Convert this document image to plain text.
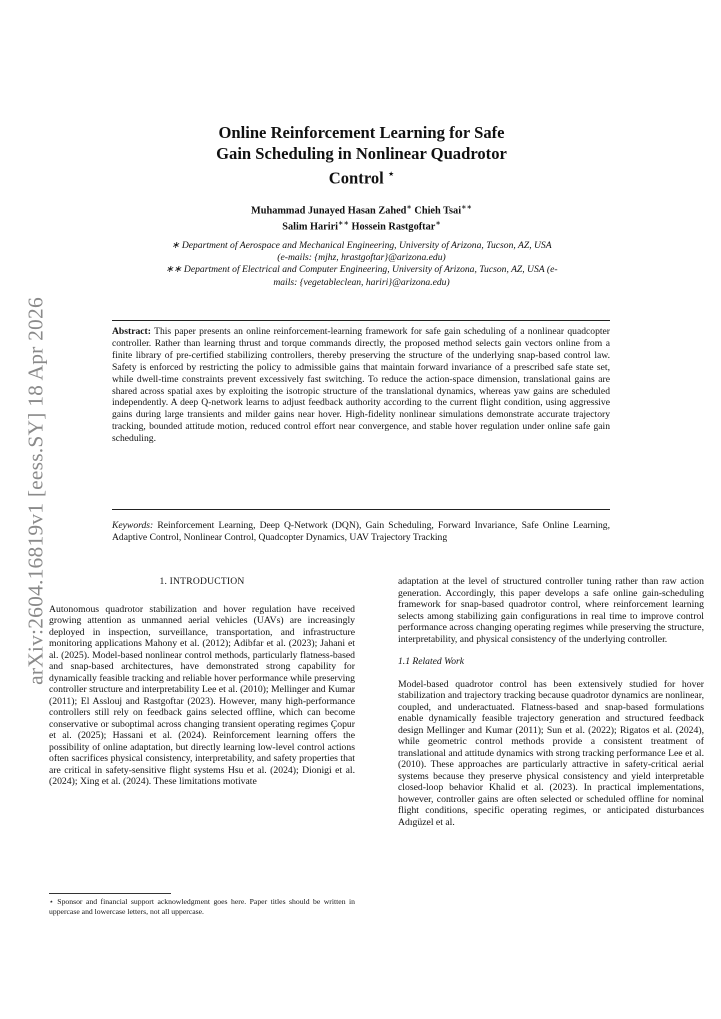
arXiv:2604.16819v1 [eess.SY] 18 Apr 2026
Online Reinforcement Learning for Safe
Gain Scheduling in Nonlinear Quadrotor
Control ⋆
Muhammad Junayed Hasan Zahed∗ Chieh Tsai∗∗
Salim Hariri∗∗ Hossein Rastgoftar∗

∗ Department of Aerospace and Mechanical Engineering, University of Arizona, Tucson, AZ, USA (e-mails: {mjhz, hrastgoftar}@arizona.edu)

∗∗ Department of Electrical and Computer Engineering, University of Arizona, Tucson, AZ, USA (e-mails: {vegetableclean, hariri}@arizona.edu)

Abstract: This paper presents an online reinforcement-learning framework for safe gain scheduling of a nonlinear quadcopter controller. Rather than learning thrust and torque commands directly, the proposed method selects gain vectors online from a finite library of pre-certified stabilizing controllers, thereby preserving the structure of the underlying snap-based control law. Safety is enforced by restricting the policy to admissible gains that maintain forward invariance of a prescribed safe state set, while dwell-time constraints prevent excessively fast switching. To reduce the action-space dimension, translational gains are shared across spatial axes by exploiting the isotropic structure of the translational dynamics, whereas yaw gains are scheduled independently. A deep Q-network learns to adjust feedback authority according to the current flight condition, using aggressive gains during large transients and milder gains near hover. High-fidelity nonlinear simulations demonstrate accurate trajectory tracking, bounded attitude motion, reduced control effort near convergence, and stable hover regulation under online safe gain scheduling.
Keywords: Reinforcement Learning, Deep Q-Network (DQN), Gain Scheduling, Forward Invariance, Safe Online Learning, Adaptive Control, Nonlinear Control, Quadcopter Dynamics, UAV Trajectory Tracking
1. INTRODUCTION

Autonomous quadrotor stabilization and hover regulation have received growing attention as unmanned aerial vehicles (UAVs) are increasingly deployed in inspection, surveillance, transportation, and infrastructure monitoring applications Mahony et al. (2012); Adibfar et al. (2023); Jahani et al. (2025). Model-based nonlinear control methods, particularly flatness-based and snap-based architectures, have demonstrated strong capability for dynamically feasible tracking and reliable hover performance while preserving controller structure and interpretability Lee et al. (2010); Mellinger and Kumar (2011); El Asslouj and Rastgoftar (2023). However, many high-performance controllers still rely on feedback gains selected offline, which can become conservative or suboptimal across changing transient operating regimes Çopur et al. (2025); Hassani et al. (2024). Reinforcement learning offers the possibility of online adaptation, but directly learning low-level control actions often sacrifices physical consistency, interpretability, and safety properties that are critical in safety-sensitive flight systems Hsu et al. (2024); Dionigi et al. (2024); Xing et al. (2024). These limitations motivate

adaptation at the level of structured controller tuning rather than raw action generation. Accordingly, this paper develops a safe online gain-scheduling framework for snap-based quadrotor control, where reinforcement learning selects among stabilizing gain configurations in real time to improve control performance across changing operating regimes while preserving the structure, interpretability, and physical consistency of the underlying controller.

1.1 Related Work

Model-based quadrotor control has been extensively studied for hover stabilization and trajectory tracking because quadrotor dynamics are nonlinear, coupled, and underactuated. Flatness-based and snap-based formulations enable dynamically feasible trajectory generation and structured feedback design Mellinger and Kumar (2011); Sun et al. (2022); Rigatos et al. (2024), while geometric control methods provide a consistent treatment of translational and attitude dynamics with strong tracking performance Lee et al. (2010). These approaches are particularly attractive in safety-critical aerial systems because they preserve physical consistency and yield interpretable closed-loop behavior Khalid et al. (2023). In practical implementations, however, controller gains are often selected or scheduled offline for nominal flight conditions, specific operating regimes, or anticipated disturbances Adıgüzel et al.

⋆ Sponsor and financial support acknowledgment goes here. Paper titles should be written in uppercase and lowercase letters, not all uppercase.
